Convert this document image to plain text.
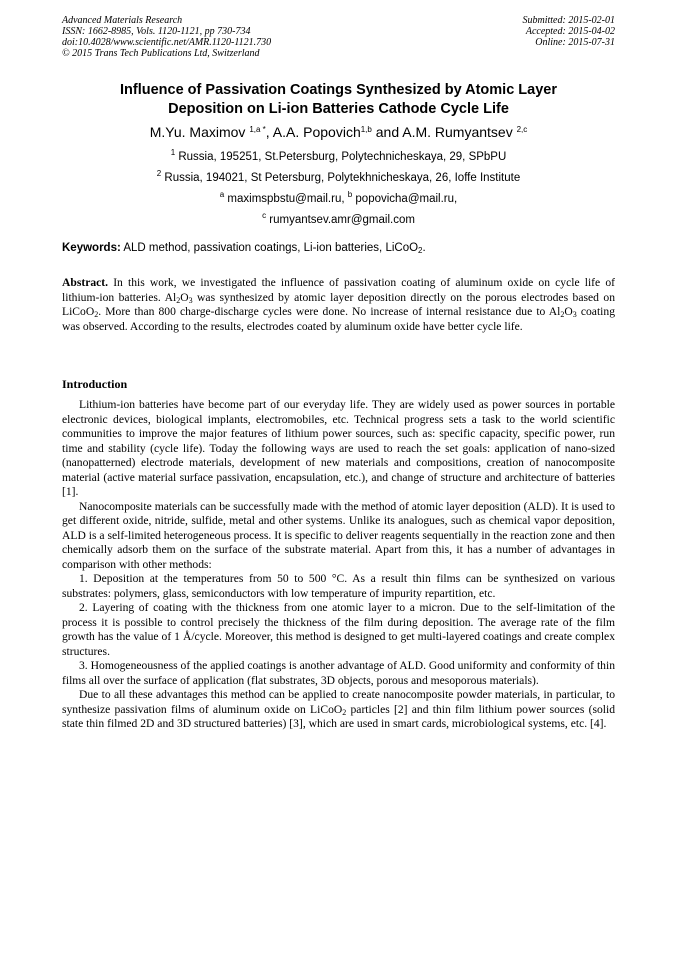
Advanced Materials Research
ISSN: 1662-8985, Vols. 1120-1121, pp 730-734
doi:10.4028/www.scientific.net/AMR.1120-1121.730
© 2015 Trans Tech Publications Ltd, Switzerland
Submitted: 2015-02-01
Accepted: 2015-04-02
Online: 2015-07-31
Influence of Passivation Coatings Synthesized by Atomic Layer
Deposition on Li-ion Batteries Cathode Cycle Life
M.Yu. Maximov $^{1,a *}$, A.A. Popovich$^{1,b}$ and A.M. Rumyantsev $^{2,c}$
$^1$ Russia, 195251, St.Petersburg, Polytechnicheskaya, 29, SPbPU
$^2$ Russia, 194021, St Petersburg, Polytekhnicheskaya, 26, Ioffe Institute
$^a$ maximspbstu@mail.ru, $^b$ popovicha@mail.ru,
$^c$ rumyantsev.amr@gmail.com
Keywords: ALD method, passivation coatings, Li-ion batteries, LiCoO$_2$.
Abstract. In this work, we investigated the influence of passivation coating of aluminum oxide on cycle life of lithium-ion batteries. $Al_2O_3$ was synthesized by atomic layer deposition directly on the porous electrodes based on LiCoO$_2$. More than 800 charge-discharge cycles were done. No increase of internal resistance due to $Al_2O_3$ coating was observed. According to the results, electrodes coated by aluminum oxide have better cycle life.
Introduction

Lithium-ion batteries have become part of our everyday life. They are widely used as power sources in portable electronic devices, biological implants, electromobiles, etc. Technical progress sets a task to the world scientific communities to improve the major features of lithium power sources, such as: specific capacity, specific power, run time and stability (cycle life). Today the following ways are used to reach the set goals: application of nano-sized (nanopatterned) electrode materials, development of new materials and compositions, creation of nanocomposite material (active material surface passivation, encapsulation, etc.), and change of structure and architecture of batteries [1].

Nanocomposite materials can be successfully made with the method of atomic layer deposition (ALD). It is used to get different oxide, nitride, sulfide, metal and other systems. Unlike its analogues, such as chemical vapor deposition, ALD is a self-limited heterogeneous process. It is specific to deliver reagents sequentially in the reaction zone and then chemically adsorb them on the surface of the substrate material. Apart from this, it has a number of advantages in comparison with other methods:

1. Deposition at the temperatures from 50 to 500 °C. As a result thin films can be synthesized on various substrates: polymers, glass, semiconductors with low temperature of impurity repartition, etc.

2. Layering of coating with the thickness from one atomic layer to a micron. Due to the self-limitation of the process it is possible to control precisely the thickness of the film during deposition. The average rate of the film growth has the value of 1 Å/cycle. Moreover, this method is designed to get multi-layered coatings and create complex structures.

3. Homogeneousness of the applied coatings is another advantage of ALD. Good uniformity and conformity of thin films all over the surface of application (flat substrates, 3D objects, porous and mesoporous materials).

Due to all these advantages this method can be applied to create nanocomposite powder materials, in particular, to synthesize passivation films of aluminum oxide on LiCoO$_2$ particles [2] and thin film lithium power sources (solid state thin filmed 2D and 3D structured batteries) [3], which are used in smart cards, microbiological systems, etc. [4].
